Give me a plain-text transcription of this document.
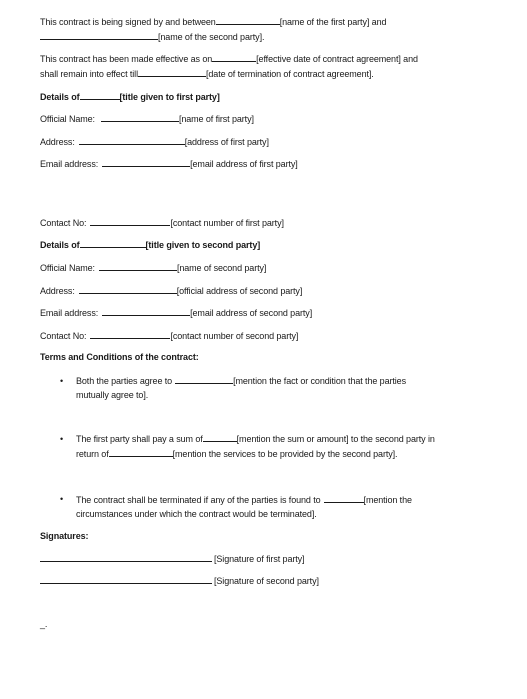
This contract is being signed by and between	[name of the first party] and
[name of the second party].
This contract has been made effective as on	[effective date of contract agreement] and
shall remain into effect till	[date of termination of contract agreement].
Details of	[title given to first party]
Official Name:	[name of first party]
Address:	[address of first party]
Email address:	[email address of first party]
Contact No:	[contact number of first party]
Details of	[title given to second party]
Official Name:	[name of second party]
Address:	[official address of second party]
Email address:	[email address of second party]
Contact No:	[contact number of second party]
Terms and Conditions of the contract:
• Both the parties agree to	[mention the fact or condition that the parties
mutually agree to].
• The first party shall pay a sum of	[mention the sum or amount] to the second party in
return of	[mention the services to be provided by the second party].
• The contract shall be terminated if any of the parties is found to	[mention the
circumstances under which the contract would be terminated].
Signatures:
[Signature of first party]
[Signature of second party]
_.
